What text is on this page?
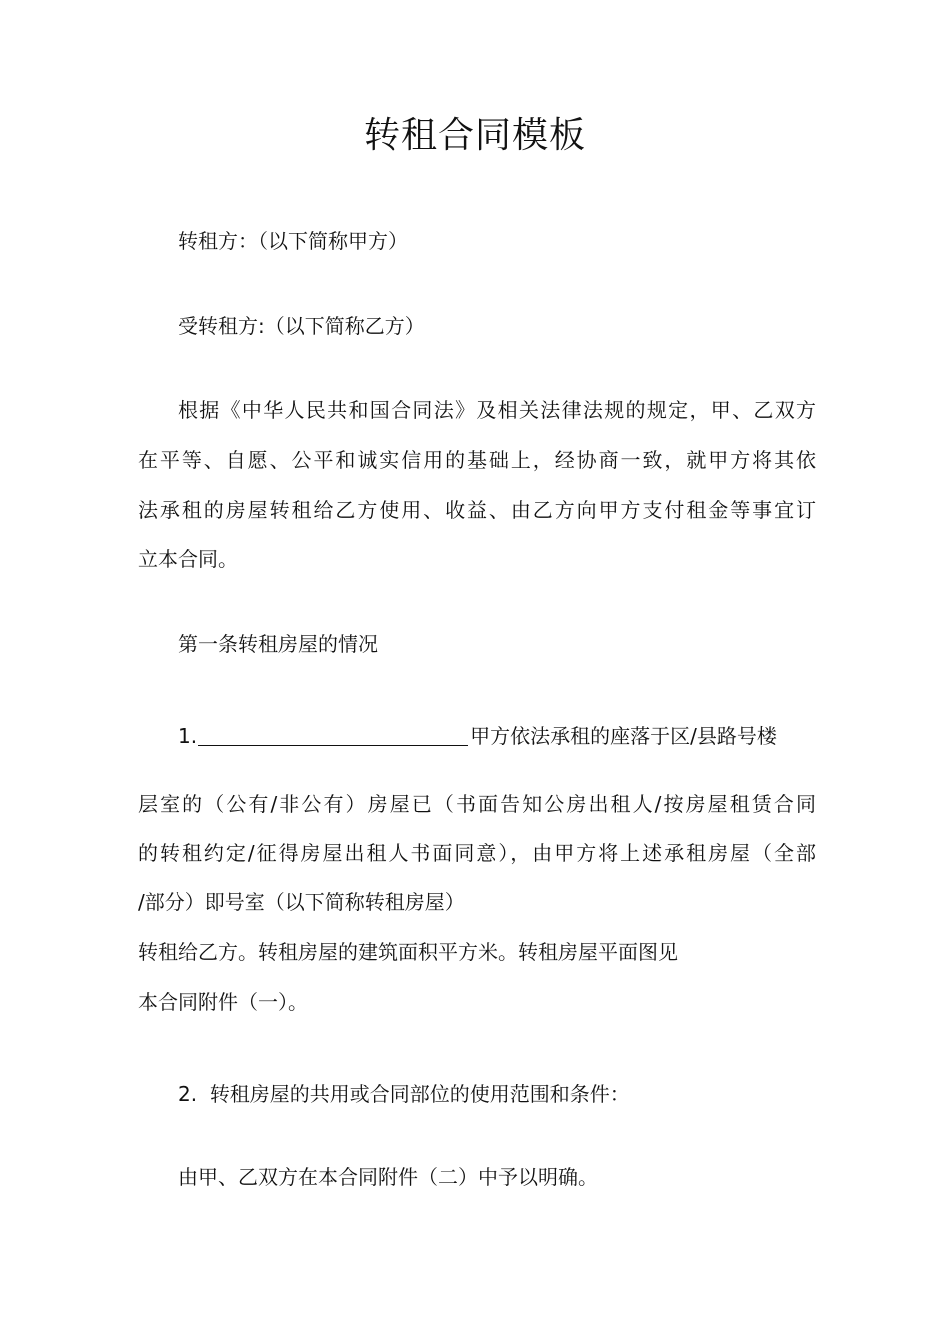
转租合同模板
转租方：（以下简称甲方）
受转租方:（以下简称乙方）
根据《中华人民共和国合同法》及相关法律法规的规定，甲、乙双方
在平等、自愿、公平和诚实信用的基础上，经协商一致，就甲方将其依
法承租的房屋转租给乙方使用、收益、由乙方向甲方支付租金等事宜订
立本合同。
第一条转租房屋的情况
1.	甲方依法承租的座落于区/县路号楼
层室的（公有/非公有）房屋已（书面告知公房出租人/按房屋租赁合同
的转租约定/征得房屋出租人书面同意），由甲方将上述承租房屋（全部
/部分）即号室（以下简称转租房屋）
转租给乙方。转租房屋的建筑面积平方米。转租房屋平面图见
本合同附件（一）。
2. 转租房屋的共用或合同部位的使用范围和条件：
由甲、乙双方在本合同附件（二）中予以明确。
